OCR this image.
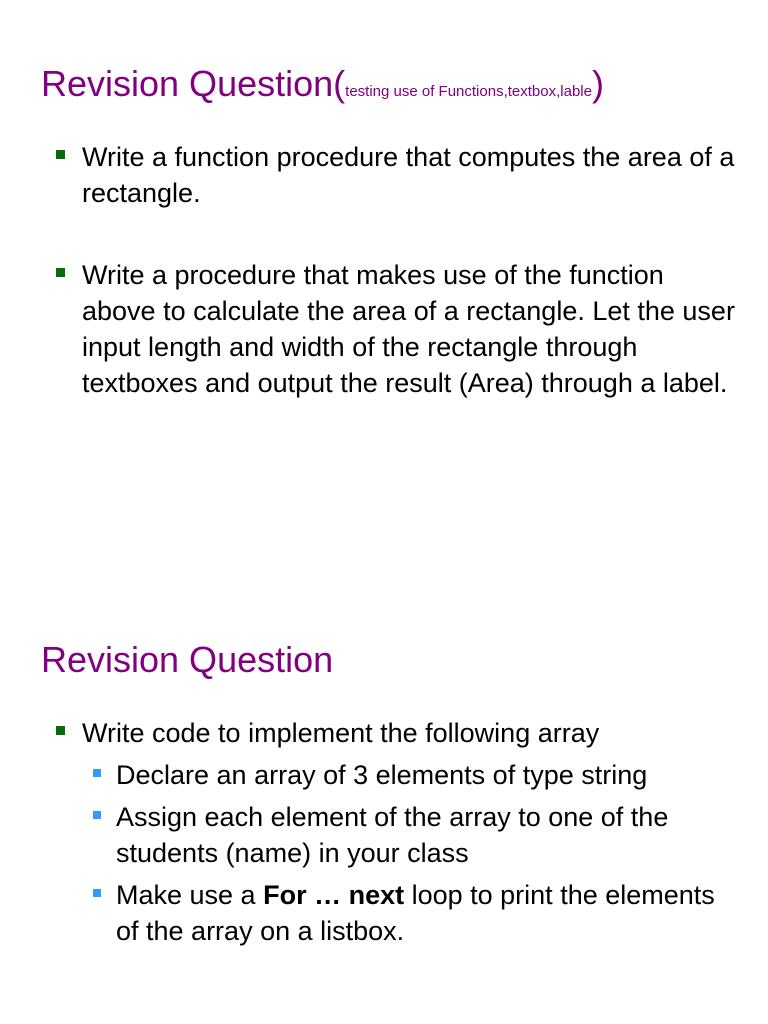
Revision Question(testing use of Functions,textbox,lable)
Write a function procedure that computes the area of a rectangle.
Write a procedure that makes use of the function above to calculate the area of a rectangle. Let the user input length and width of the rectangle through textboxes and output the result (Area) through a label.
Revision Question
Write code to implement the following array
Declare an array of 3 elements of type string
Assign each element of the array to one of the students (name) in your class
Make use a For … next loop to print the elements of the array on a listbox.
